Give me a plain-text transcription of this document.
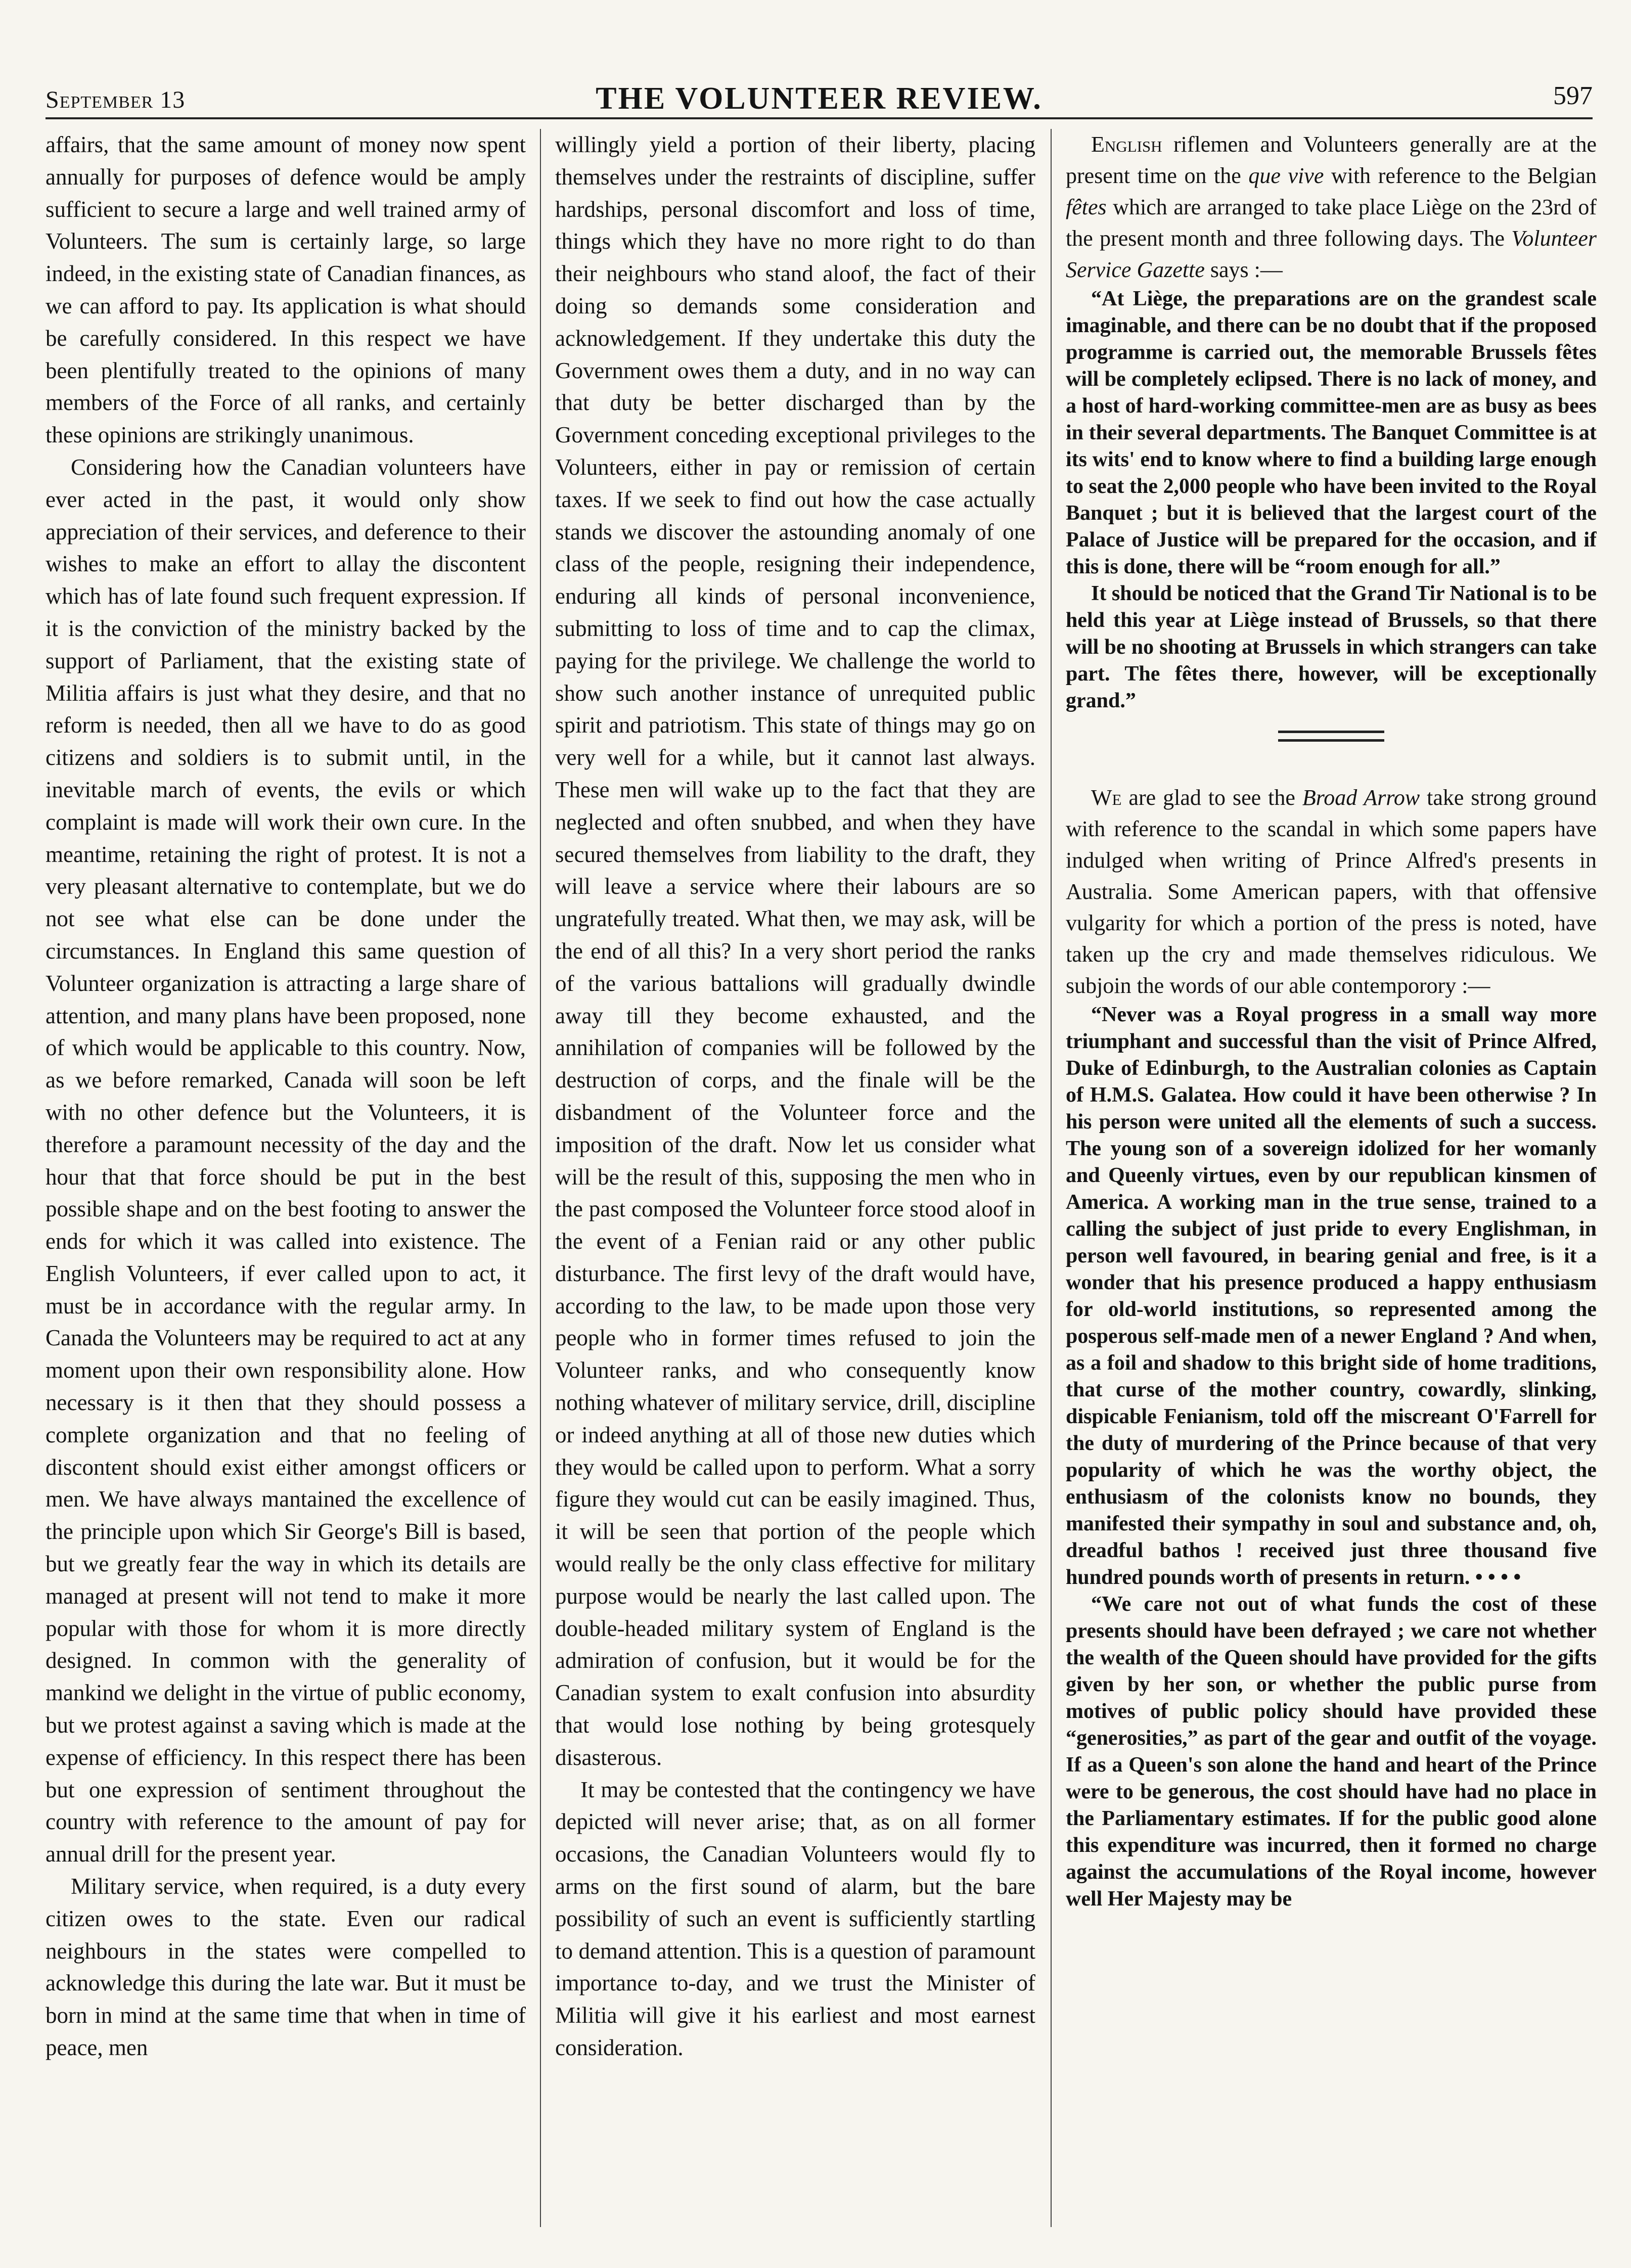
September 13	THE VOLUNTEER REVIEW.	597

affairs, that the same amount of money now spent annually for purposes of defence would be amply sufficient to secure a large and well trained army of Volunteers. The sum is certainly large, so large indeed, in the existing state of Canadian finances, as we can afford to pay. Its application is what should be carefully considered. In this respect we have been plentifully treated to the opinions of many members of the Force of all ranks, and certainly these opinions are strikingly unanimous.

Considering how the Canadian volunteers have ever acted in the past, it would only show appreciation of their services, and deference to their wishes to make an effort to allay the discontent which has of late found such frequent expression. If it is the conviction of the ministry backed by the support of Parliament, that the existing state of Militia affairs is just what they desire, and that no reform is needed, then all we have to do as good citizens and soldiers is to submit until, in the inevitable march of events, the evils or which complaint is made will work their own cure. In the meantime, retaining the right of protest. It is not a very pleasant alternative to contemplate, but we do not see what else can be done under the circumstances. In England this same question of Volunteer organization is attracting a large share of attention, and many plans have been proposed, none of which would be applicable to this country. Now, as we before remarked, Canada will soon be left with no other defence but the Volunteers, it is therefore a paramount necessity of the day and the hour that that force should be put in the best possible shape and on the best footing to answer the ends for which it was called into existence. The English Volunteers, if ever called upon to act, it must be in accordance with the regular army. In Canada the Volunteers may be required to act at any moment upon their own responsibility alone. How necessary is it then that they should possess a complete organization and that no feeling of discontent should exist either amongst officers or men. We have always mantained the excellence of the principle upon which Sir George's Bill is based, but we greatly fear the way in which its details are managed at present will not tend to make it more popular with those for whom it is more directly designed. In common with the generality of mankind we delight in the virtue of public economy, but we protest against a saving which is made at the expense of efficiency. In this respect there has been but one expression of sentiment throughout the country with reference to the amount of pay for annual drill for the present year.

Military service, when required, is a duty every citizen owes to the state. Even our radical neighbours in the states were compelled to acknowledge this during the late war. But it must be born in mind at the same time that when in time of peace, men

willingly yield a portion of their liberty, placing themselves under the restraints of discipline, suffer hardships, personal discomfort and loss of time, things which they have no more right to do than their neighbours who stand aloof, the fact of their doing so demands some consideration and acknowledgement. If they undertake this duty the Government owes them a duty, and in no way can that duty be better discharged than by the Government conceding exceptional privileges to the Volunteers, either in pay or remission of certain taxes. If we seek to find out how the case actually stands we discover the astounding anomaly of one class of the people, resigning their independence, enduring all kinds of personal inconvenience, submitting to loss of time and to cap the climax, paying for the privilege. We challenge the world to show such another instance of unrequited public spirit and patriotism. This state of things may go on very well for a while, but it cannot last always. These men will wake up to the fact that they are neglected and often snubbed, and when they have secured themselves from liability to the draft, they will leave a service where their labours are so ungratefully treated. What then, we may ask, will be the end of all this? In a very short period the ranks of the various battalions will gradually dwindle away till they become exhausted, and the annihilation of companies will be followed by the destruction of corps, and the finale will be the disbandment of the Volunteer force and the imposition of the draft. Now let us consider what will be the result of this, supposing the men who in the past composed the Volunteer force stood aloof in the event of a Fenian raid or any other public disturbance. The first levy of the draft would have, according to the law, to be made upon those very people who in former times refused to join the Volunteer ranks, and who consequently know nothing whatever of military service, drill, discipline or indeed anything at all of those new duties which they would be called upon to perform. What a sorry figure they would cut can be easily imagined. Thus, it will be seen that portion of the people which would really be the only class effective for military purpose would be nearly the last called upon. The double-headed military system of England is the admiration of confusion, but it would be for the Canadian system to exalt confusion into absurdity that would lose nothing by being grotesquely disasterous.

It may be contested that the contingency we have depicted will never arise; that, as on all former occasions, the Canadian Volunteers would fly to arms on the first sound of alarm, but the bare possibility of such an event is sufficiently startling to demand attention. This is a question of paramount importance to-day, and we trust the Minister of Militia will give it his earliest and most earnest consideration.

English riflemen and Volunteers generally are at the present time on the que vive with reference to the Belgian fêtes which are arranged to take place Liège on the 23rd of the present month and three following days. The Volunteer Service Gazette says :—

“At Liège, the preparations are on the grandest scale imaginable, and there can be no doubt that if the proposed programme is carried out, the memorable Brussels fêtes will be completely eclipsed. There is no lack of money, and a host of hard-working committee-men are as busy as bees in their several departments. The Banquet Committee is at its wits' end to know where to find a building large enough to seat the 2,000 people who have been invited to the Royal Banquet ; but it is believed that the largest court of the Palace of Justice will be prepared for the occasion, and if this is done, there will be “room enough for all.”

It should be noticed that the Grand Tir National is to be held this year at Liège instead of Brussels, so that there will be no shooting at Brussels in which strangers can take part. The fêtes there, however, will be exceptionally grand.”

We are glad to see the Broad Arrow take strong ground with reference to the scandal in which some papers have indulged when writing of Prince Alfred's presents in Australia. Some American papers, with that offensive vulgarity for which a portion of the press is noted, have taken up the cry and made themselves ridiculous. We subjoin the words of our able contemporory :—

“Never was a Royal progress in a small way more triumphant and successful than the visit of Prince Alfred, Duke of Edinburgh, to the Australian colonies as Captain of H.M.S. Galatea. How could it have been otherwise ? In his person were united all the elements of such a success. The young son of a sovereign idolized for her womanly and Queenly virtues, even by our republican kinsmen of America. A working man in the true sense, trained to a calling the subject of just pride to every Englishman, in person well favoured, in bearing genial and free, is it a wonder that his presence produced a happy enthusiasm for old-world institutions, so represented among the posperous self-made men of a newer England ? And when, as a foil and shadow to this bright side of home traditions, that curse of the mother country, cowardly, slinking, dispicable Fenianism, told off the miscreant O'Farrell for the duty of murdering of the Prince because of that very popularity of which he was the worthy object, the enthusiasm of the colonists know no bounds, they manifested their sympathy in soul and substance and, oh, dreadful bathos ! received just three thousand five hundred pounds worth of presents in return. • • • •

“We care not out of what funds the cost of these presents should have been defrayed ; we care not whether the wealth of the Queen should have provided for the gifts given by her son, or whether the public purse from motives of public policy should have provided these “generosities,” as part of the gear and outfit of the voyage. If as a Queen's son alone the hand and heart of the Prince were to be generous, the cost should have had no place in the Parliamentary estimates. If for the public good alone this expenditure was incurred, then it formed no charge against the accumulations of the Royal income, however well Her Majesty may be
